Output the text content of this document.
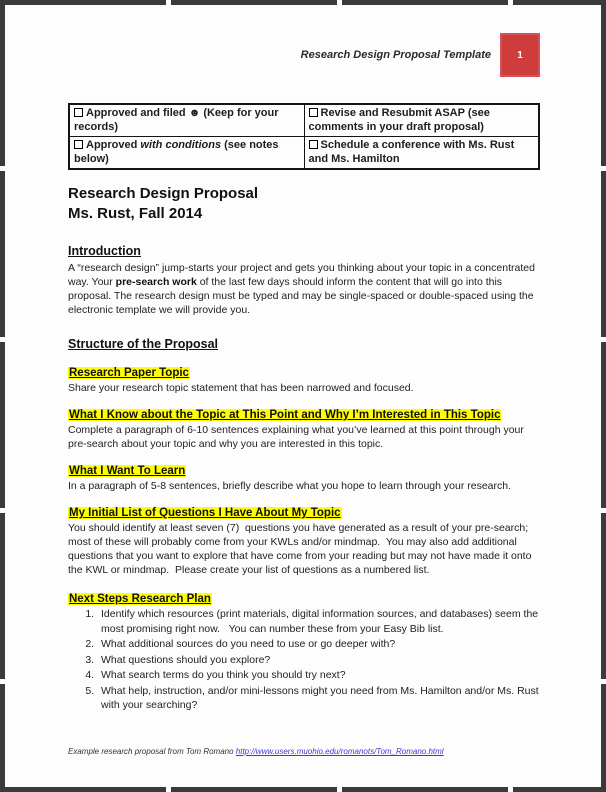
Research Design Proposal Template	1
Approved and filed ☻ (Keep for your records)	Revise and Resubmit ASAP (see comments in your draft proposal)
Approved with conditions (see notes below)	Schedule a conference with Ms. Rust and Ms. Hamilton
Research Design Proposal
Ms. Rust, Fall 2014
Introduction
A “research design” jump-starts your project and gets you thinking about your topic in a concentrated way. Your pre-search work of the last few days should inform the content that will go into this proposal. The research design must be typed and may be single-spaced or double-spaced using the electronic template we will provide you.
Structure of the Proposal
Research Paper Topic
Share your research topic statement that has been narrowed and focused.
What I Know about the Topic at This Point and Why I’m Interested in This Topic
Complete a paragraph of 6-10 sentences explaining what you’ve learned at this point through your pre-search about your topic and why you are interested in this topic.
What I Want To Learn
In a paragraph of 5-8 sentences, briefly describe what you hope to learn through your research.
My Initial List of Questions I Have About My Topic
You should identify at least seven (7)  questions you have generated as a result of your pre-search; most of these will probably come from your KWLs and/or mindmap.  You may also add additional questions that you want to explore that have come from your reading but may not have made it onto the KWL or mindmap.  Please create your list of questions as a numbered list.
Next Steps Research Plan
1. Identify which resources (print materials, digital information sources, and databases) seem the most promising right now.   You can number these from your Easy Bib list.
2. What additional sources do you need to use or go deeper with?
3. What questions should you explore?
4. What search terms do you think you should try next?
5. What help, instruction, and/or mini-lessons might you need from Ms. Hamilton and/or Ms. Rust with your searching?
Example research proposal from Tom Romano http://www.users.muohio.edu/romanots/Tom_Romano.html
